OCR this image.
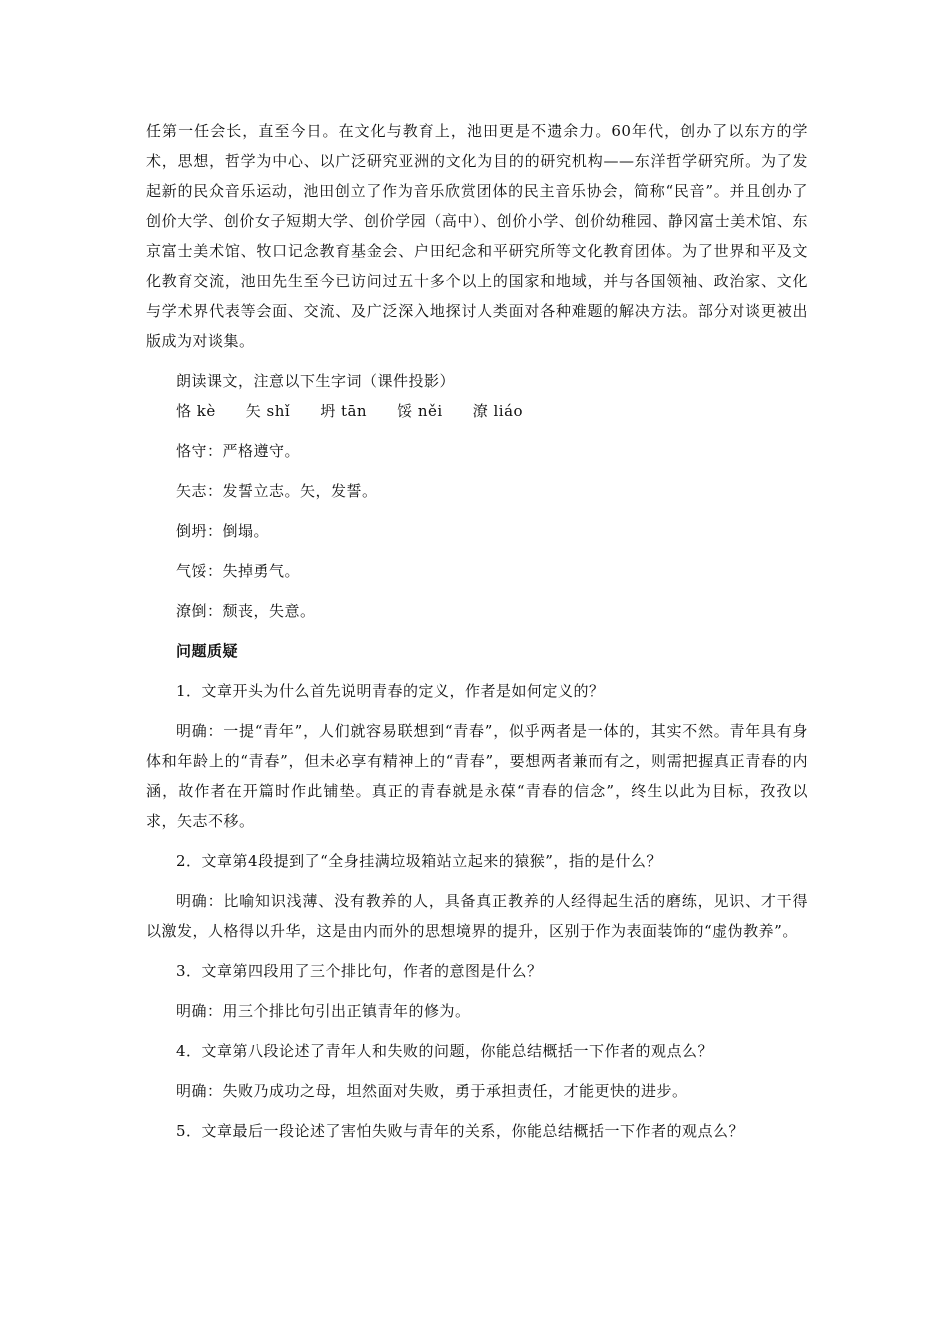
任第一任会长，直至今日。在文化与教育上，池田更是不遗余力。60年代，创办了以东方的学术，思想，哲学为中心、以广泛研究亚洲的文化为目的的研究机构——东洋哲学研究所。为了发起新的民众音乐运动，池田创立了作为音乐欣赏团体的民主音乐协会，简称“民音”。并且创办了创价大学、创价女子短期大学、创价学园（高中）、创价小学、创价幼稚园、静冈富士美术馆、东京富士美术馆、牧口记念教育基金会、户田纪念和平研究所等文化教育团体。为了世界和平及文化教育交流，池田先生至今已访问过五十多个以上的国家和地域，并与各国领袖、政治家、文化与学术界代表等会面、交流、及广泛深入地探讨人类面对各种难题的解决方法。部分对谈更被出版成为对谈集。

朗读课文，注意以下生字词（课件投影）

恪 kè 矢 shǐ 坍 tān 馁 něi 潦 liáo

恪守：严格遵守。

矢志：发誓立志。矢，发誓。

倒坍：倒塌。

气馁：失掉勇气。

潦倒：颓丧，失意。

问题质疑

1．文章开头为什么首先说明青春的定义，作者是如何定义的？

明确：一提“青年”，人们就容易联想到“青春”，似乎两者是一体的，其实不然。青年具有身体和年龄上的“青春”，但未必享有精神上的“青春”，要想两者兼而有之，则需把握真正青春的内涵，故作者在开篇时作此铺垫。真正的青春就是永葆“青春的信念”，终生以此为目标，孜孜以求，矢志不移。

2．文章第4段提到了“全身挂满垃圾箱站立起来的猿猴”，指的是什么？

明确：比喻知识浅薄、没有教养的人，具备真正教养的人经得起生活的磨练，见识、才干得以激发，人格得以升华，这是由内而外的思想境界的提升，区别于作为表面装饰的“虚伪教养”。

3．文章第四段用了三个排比句，作者的意图是什么？

明确：用三个排比句引出正镇青年的修为。

4．文章第八段论述了青年人和失败的问题，你能总结概括一下作者的观点么？

明确：失败乃成功之母，坦然面对失败，勇于承担责任，才能更快的进步。

5．文章最后一段论述了害怕失败与青年的关系，你能总结概括一下作者的观点么？
